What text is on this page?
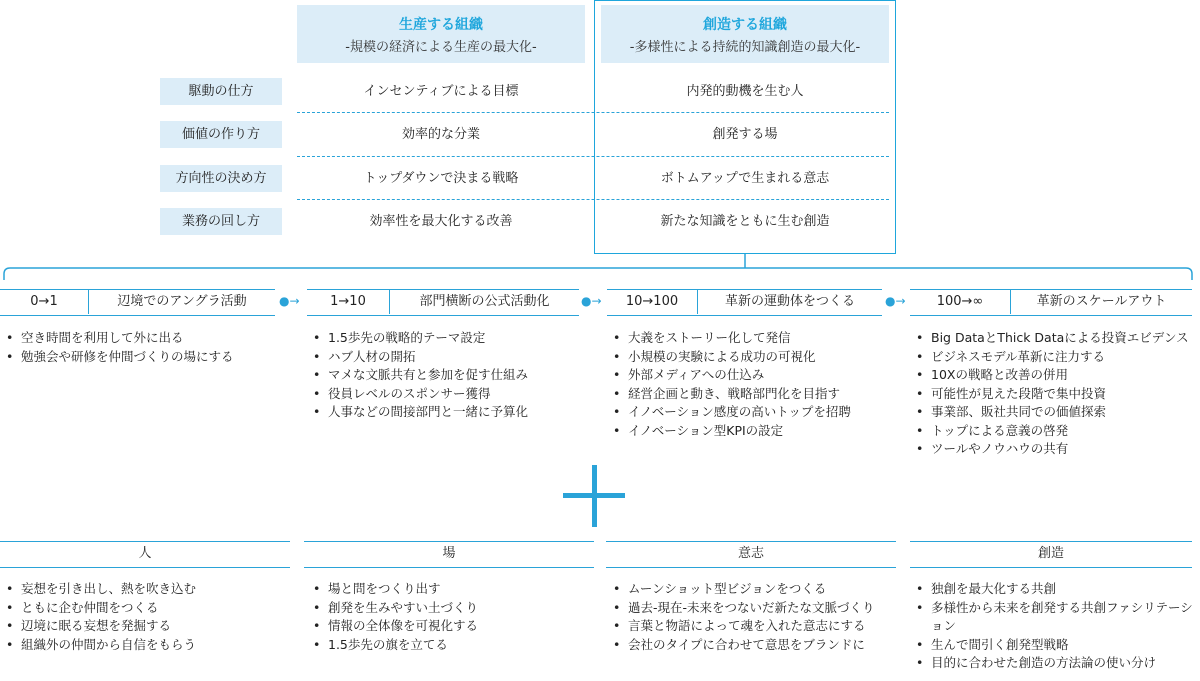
生産する組織
-規模の経済による生産の最大化-
創造する組織
-多様性による持続的知識創造の最大化-
駆動の仕方	インセンティブによる目標	内発的動機を生む人
価値の作り方	効率的な分業	創発する場
方向性の決め方	トップダウンで決まる戦略	ボトムアップで生まれる意志
業務の回し方	効率性を最大化する改善	新たな知識をともに生む創造
0→1	辺境でのアングラ活動	●→	1→10	部門横断の公式活動化	●→	10→100	革新の運動体をつくる	●→	100→∞	革新のスケールアウト
• 空き時間を利用して外に出る
• 勉強会や研修を仲間づくりの場にする
• 1.5歩先の戦略的テーマ設定
• ハブ人材の開拓
• マメな文脈共有と参加を促す仕組み
• 役員レベルのスポンサー獲得
• 人事などの間接部門と一緒に予算化
• 大義をストーリー化して発信
• 小規模の実験による成功の可視化
• 外部メディアへの仕込み
• 経営企画と動き、戦略部門化を目指す
• イノベーション感度の高いトップを招聘
• イノベーション型KPIの設定
• Big DataとThick Dataによる投資エビデンス
• ビジネスモデル革新に注力する
• 10Xの戦略と改善の併用
• 可能性が見えた段階で集中投資
• 事業部、販社共同での価値探索
• トップによる意義の啓発
• ツールやノウハウの共有
人	場	意志	創造
• 妄想を引き出し、熱を吹き込む
• ともに企む仲間をつくる
• 辺境に眠る妄想を発掘する
• 組織外の仲間から自信をもらう
• 場と問をつくり出す
• 創発を生みやすい土づくり
• 情報の全体像を可視化する
• 1.5歩先の旗を立てる
• ムーンショット型ビジョンをつくる
• 過去-現在-未来をつないだ新たな文脈づくり
• 言葉と物語によって魂を入れた意志にする
• 会社のタイプに合わせて意思をブランドに
• 独創を最大化する共創
• 多様性から未来を創発する共創ファシリテーション
• 生んで間引く創発型戦略
• 目的に合わせた創造の方法論の使い分け
